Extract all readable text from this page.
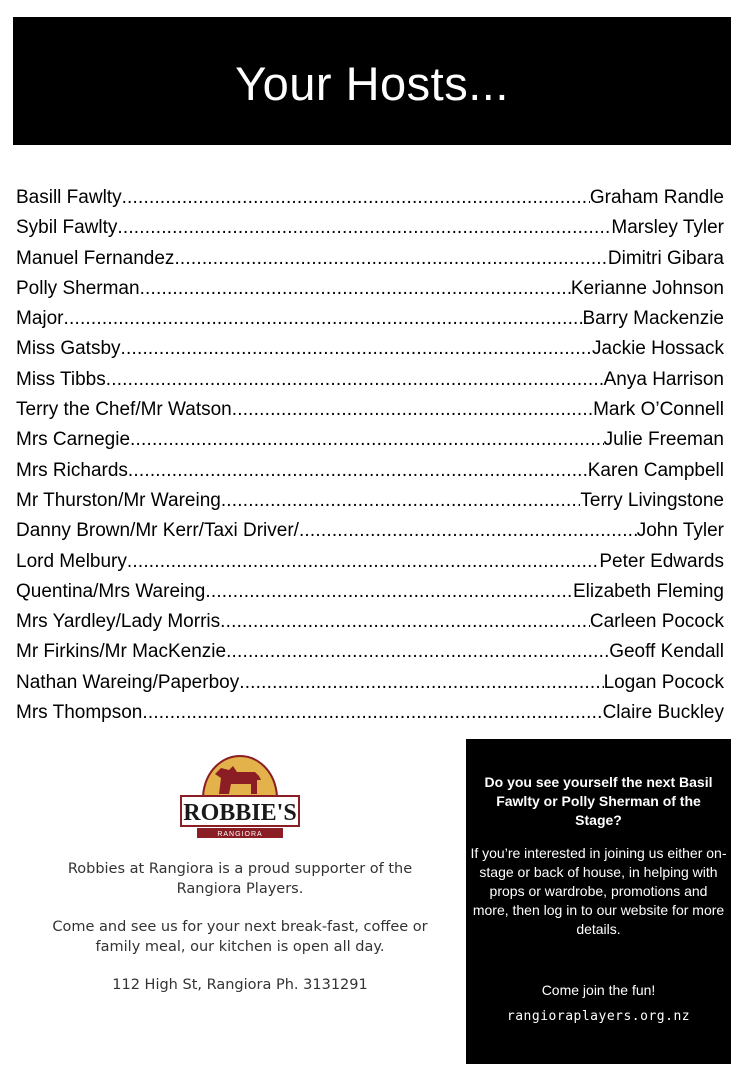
Your Hosts...
Basill Fawlty .....	Graham Randle
Sybil Fawlty .....	Marsley Tyler
Manuel Fernandez .....	Dimitri Gibara
Polly Sherman .....	Kerianne Johnson
Major .....	Barry Mackenzie
Miss Gatsby .....	Jackie Hossack
Miss Tibbs .....	Anya Harrison
Terry the Chef/Mr Watson .....	Mark O’Connell
Mrs Carnegie .....	Julie Freeman
Mrs Richards .....	Karen Campbell
Mr Thurston/Mr Wareing .....	Terry Livingstone
Danny Brown/Mr Kerr/Taxi Driver/ .....	John Tyler
Lord Melbury .....	Peter Edwards
Quentina/Mrs Wareing .....	Elizabeth Fleming
Mrs Yardley/Lady Morris .....	Carleen Pocock
Mr Firkins/Mr MacKenzie .....	Geoff Kendall
Nathan Wareing/Paperboy .....	Logan Pocock
Mrs Thompson .....	Claire Buckley
ROBBIE'S
RANGIORA

Robbies at Rangiora is a proud supporter of the Rangiora Players.

Come and see us for your next break-fast, coffee or family meal, our kitchen is open all day.

112 High St, Rangiora Ph. 3131291

Do you see yourself the next Basil Fawlty or Polly Sherman of the Stage?
If you’re interested in joining us either on-stage or back of house, in helping with props or wardrobe, promotions and more, then log in to our website for more details.
Come join the fun!
rangioraplayers.org.nz
